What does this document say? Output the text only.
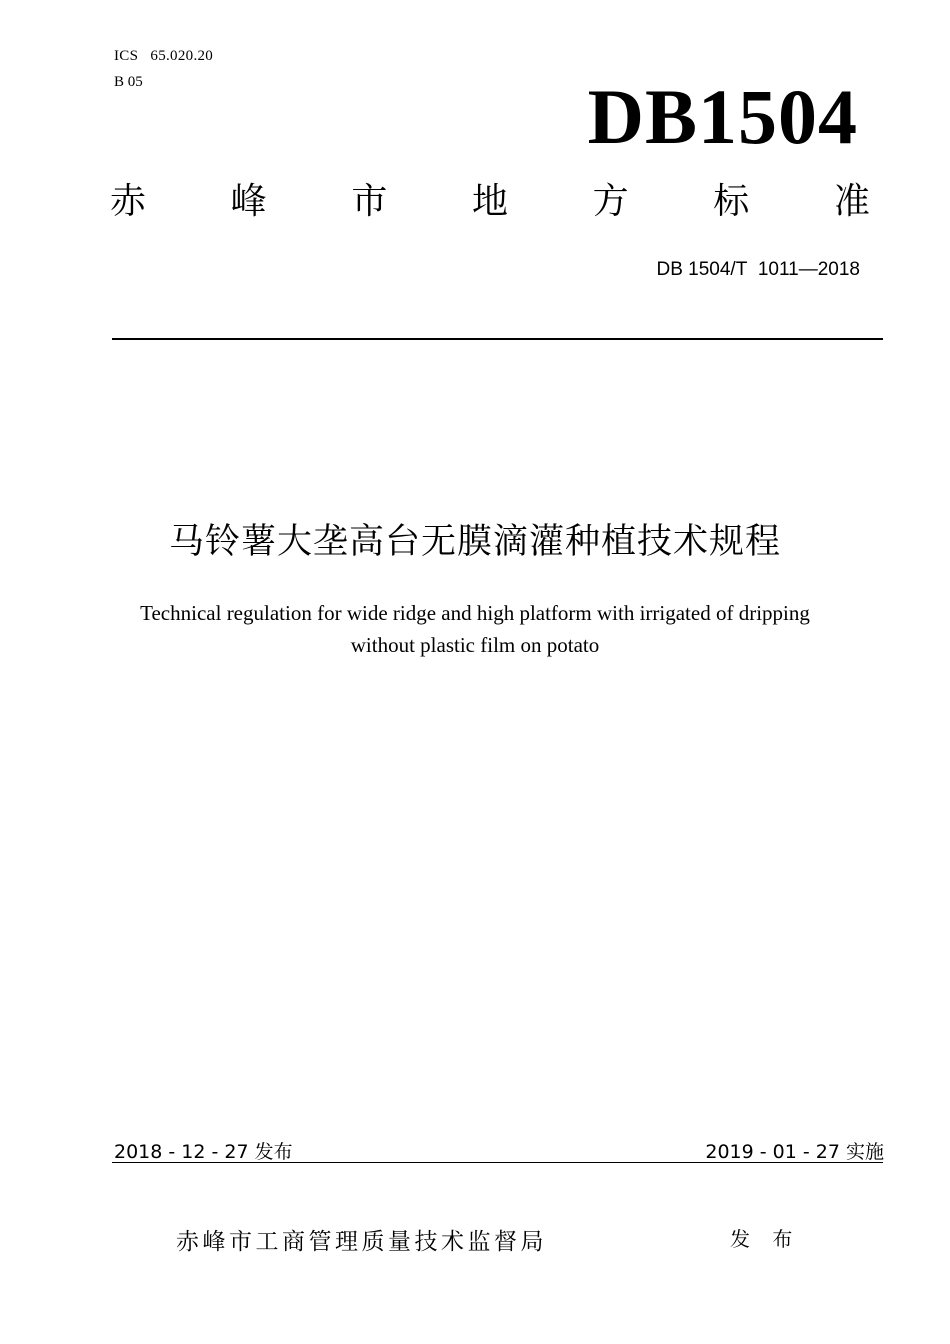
ICS   65.020.20
B 05	DB1504
赤 峰 市 地 方 标 准
DB 1504/T  1011—2018
马铃薯大垄高台无膜滴灌种植技术规程
Technical regulation for wide ridge and high platform with irrigated of dripping
without plastic film on potato
2018 - 12 - 27 发布	2019 - 01 - 27 实施
赤峰市工商管理质量技术监督局	发 布
